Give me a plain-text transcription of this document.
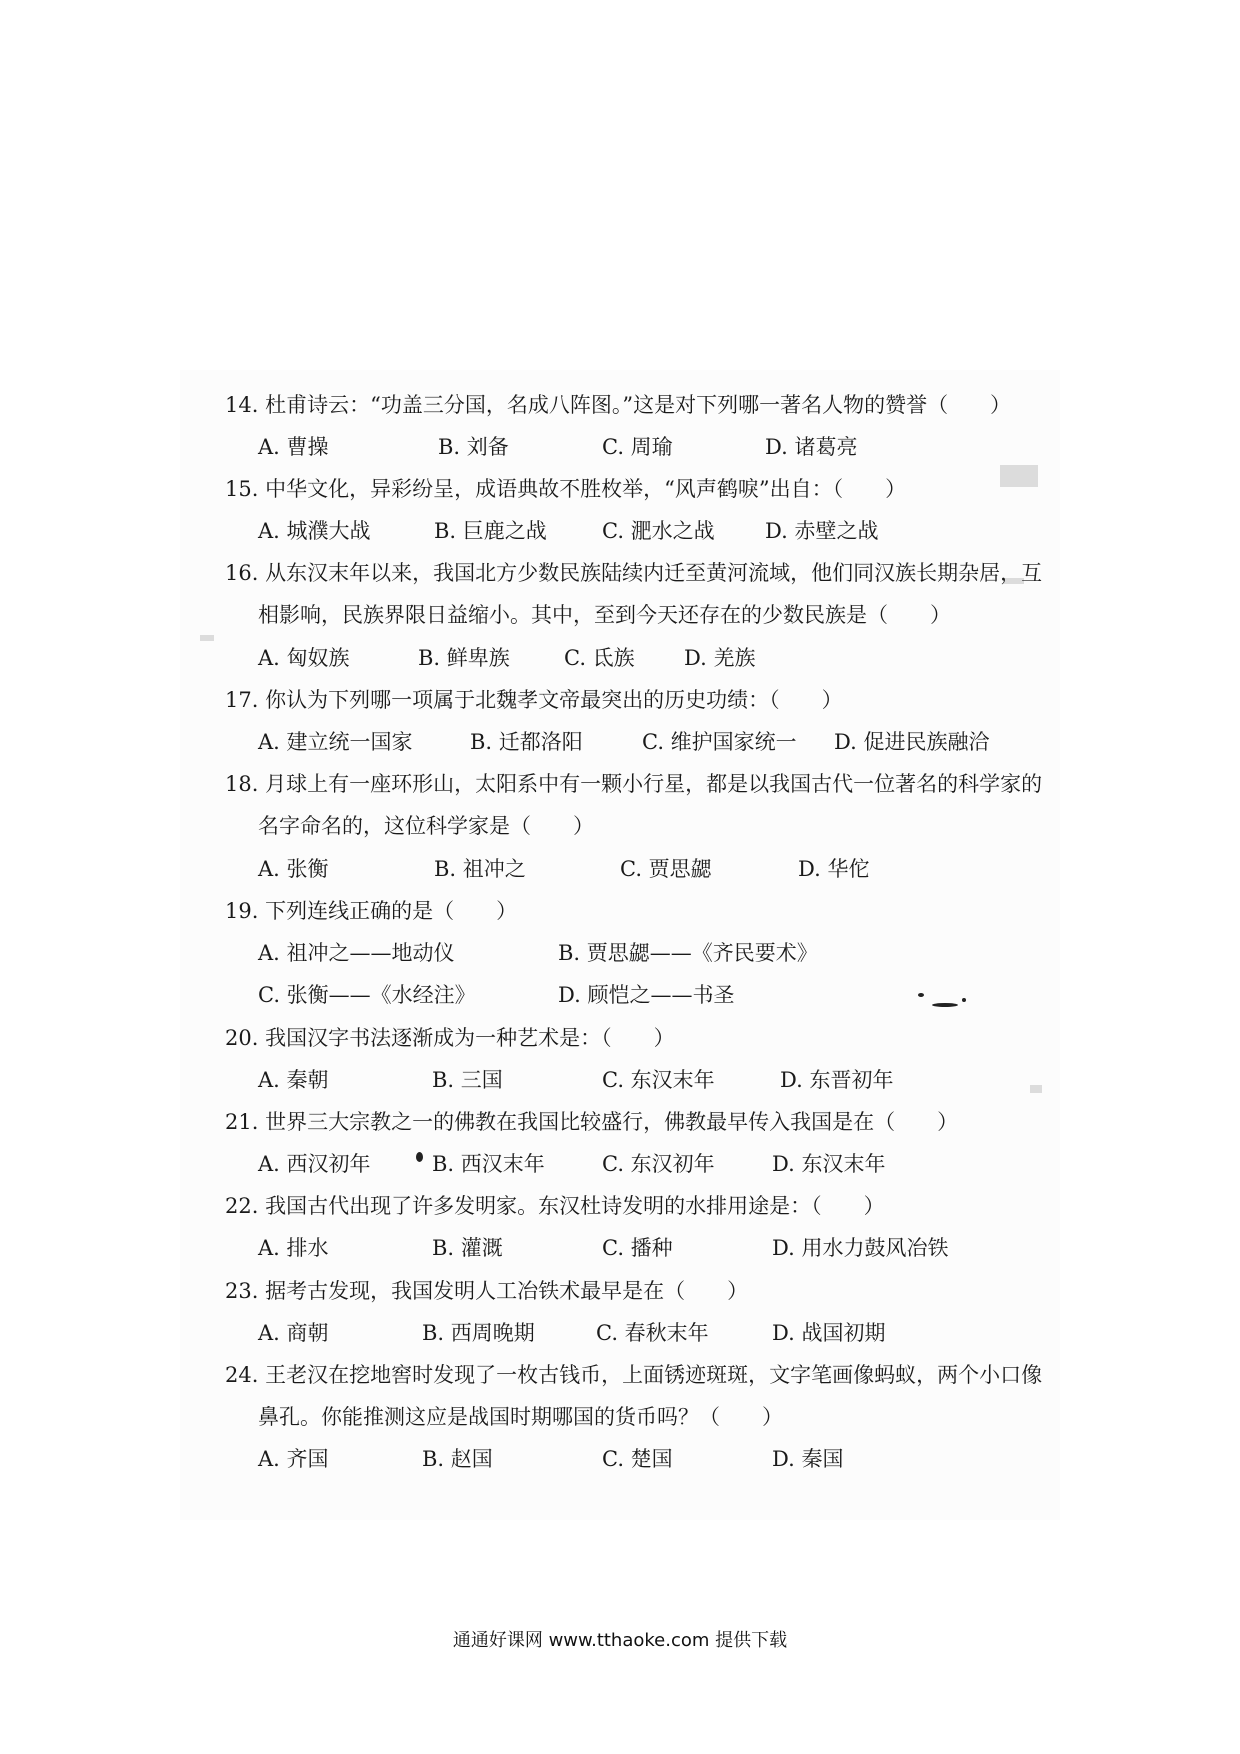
14. 杜甫诗云：“功盖三分国，名成八阵图。”这是对下列哪一著名人物的赞誉（　　）
A. 曹操	B. 刘备	C. 周瑜	D. 诸葛亮
15. 中华文化，异彩纷呈，成语典故不胜枚举，“风声鹤唳”出自：（　　）
A. 城濮大战	B. 巨鹿之战	C. 淝水之战 D. 赤壁之战
16. 从东汉末年以来，我国北方少数民族陆续内迁至黄河流域，他们同汉族长期杂居，互
相影响，民族界限日益缩小。其中，至到今天还存在的少数民族是（　　）
A. 匈奴族	B. 鲜卑族	C. 氐族 D. 羌族
17. 你认为下列哪一项属于北魏孝文帝最突出的历史功绩：（　　）
A. 建立统一国家	B. 迁都洛阳	C. 维护国家统一 D. 促进民族融洽
18. 月球上有一座环形山，太阳系中有一颗小行星，都是以我国古代一位著名的科学家的
名字命名的，这位科学家是（　　）
A. 张衡	B. 祖冲之	C. 贾思勰	D. 华佗
19. 下列连线正确的是（　　）
A. 祖冲之——地动仪	B. 贾思勰——《齐民要术》
C. 张衡——《水经注》	D. 顾恺之——书圣
20. 我国汉字书法逐渐成为一种艺术是：（　　）
A. 秦朝	B. 三国	C. 东汉末年	D. 东晋初年
21. 世界三大宗教之一的佛教在我国比较盛行，佛教最早传入我国是在（　　）
A. 西汉初年	B. 西汉末年	C. 东汉初年	D. 东汉末年
22. 我国古代出现了许多发明家。东汉杜诗发明的水排用途是：（　　）
A. 排水	B. 灌溉	C. 播种	D. 用水力鼓风冶铁
23. 据考古发现，我国发明人工冶铁术最早是在（　　）
A. 商朝	B. 西周晚期	C. 春秋末年	D. 战国初期
24. 王老汉在挖地窖时发现了一枚古钱币，上面锈迹斑斑，文字笔画像蚂蚁，两个小口像
鼻孔。你能推测这应是战国时期哪国的货币吗？（　　）
A. 齐国	B. 赵国	C. 楚国	D. 秦国
通通好课网 www.tthaoke.com 提供下载
